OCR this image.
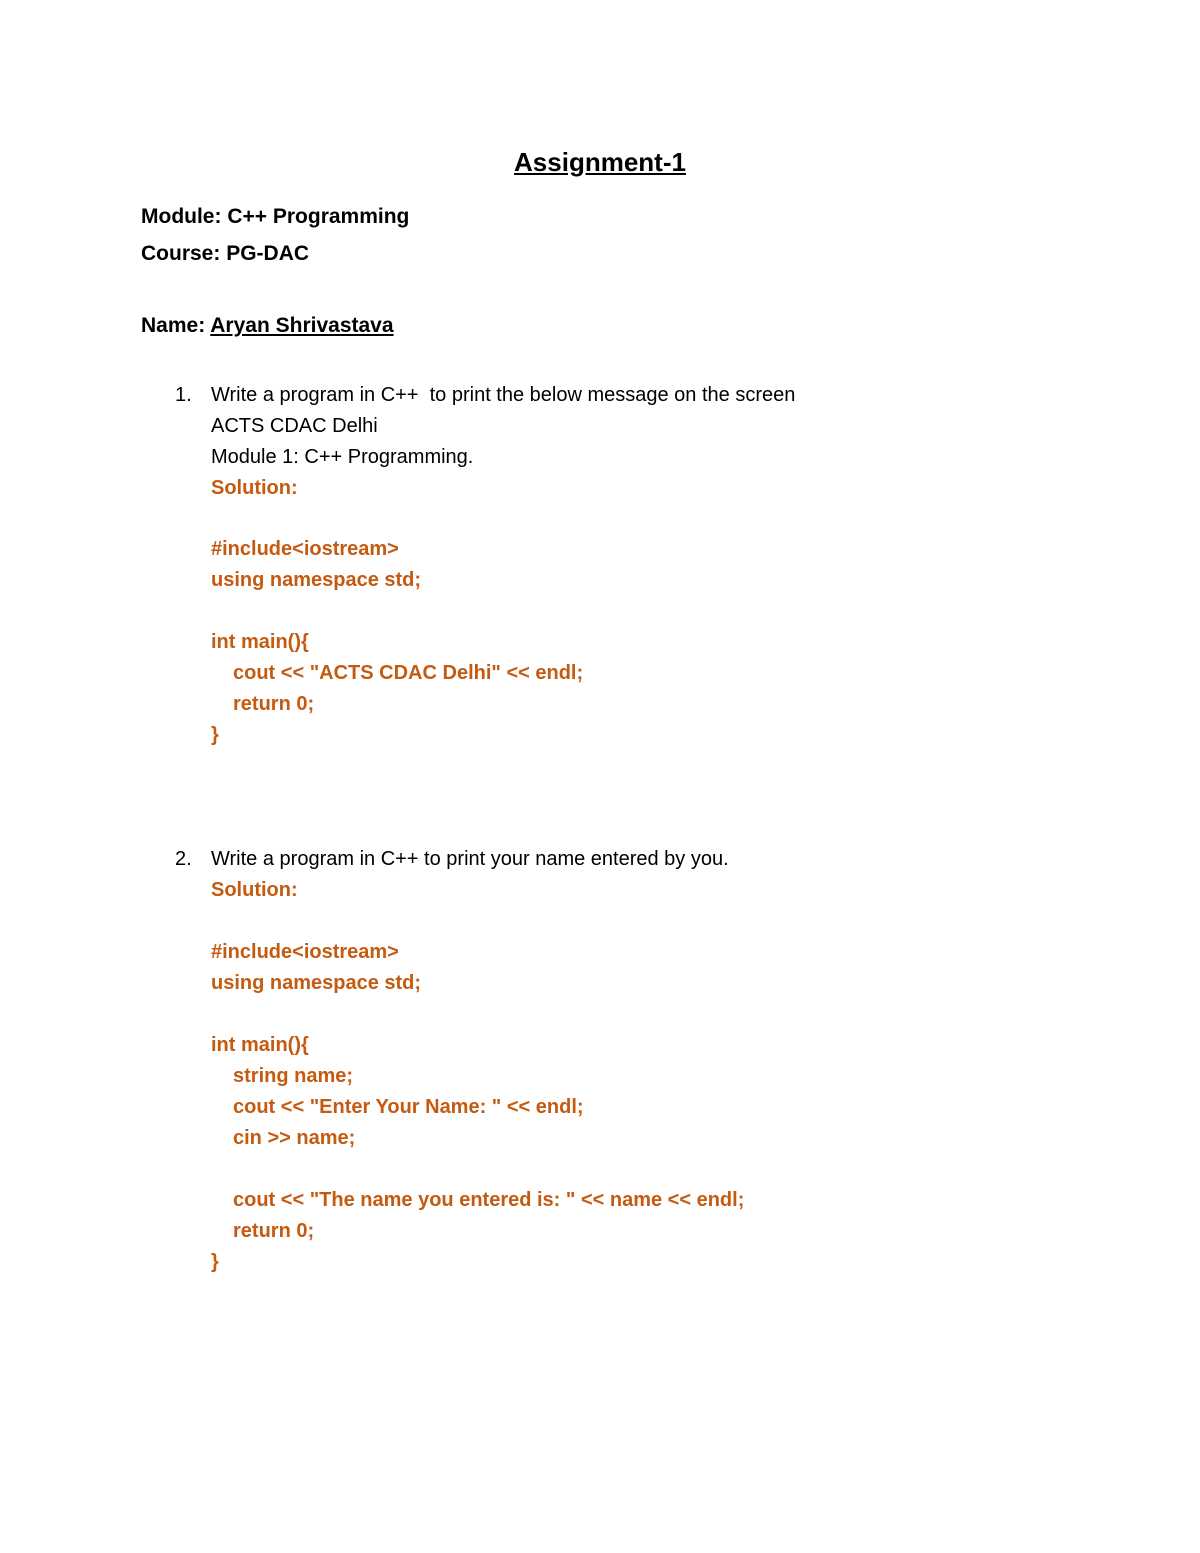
Assignment-1
Module: C++ Programming
Course: PG-DAC
Name: Aryan Shrivastava
1. Write a program in C++  to print the below message on the screen
ACTS CDAC Delhi
Module 1: C++ Programming.
Solution:
#include<iostream>
using namespace std;
int main(){
cout << "ACTS CDAC Delhi" << endl;
return 0;
}
2. Write a program in C++ to print your name entered by you.
Solution:
#include<iostream>
using namespace std;
int main(){
string name;
cout << "Enter Your Name: " << endl;
cin >> name;
cout << "The name you entered is: " << name << endl;
return 0;
}
